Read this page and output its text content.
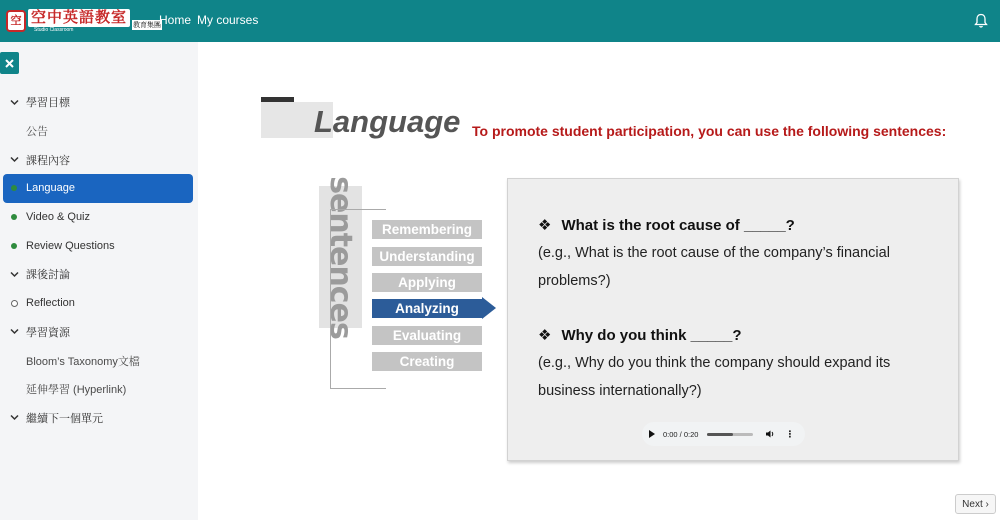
空 空中英語教室
Studio Classroom
教育集團
Home My courses
學習目標
公告
課程內容
Language
Video & Quiz
Review Questions
課後討論
Reflection
學習資源
Bloom’s Taxonomy文檔
延伸學習 (Hyperlink)
繼續下一個單元
Language To promote student participation, you can use the following sentences:
sentences	Remembering
Understanding
Applying
Analyzing
Evaluating
Creating
❖ What is the root cause of _____?
(e.g., What is the root cause of the company’s financial problems?)
❖ Why do you think _____?
(e.g., Why do you think the company should expand its business internationally?)
0:00 / 0:20	⋮
Next ›
